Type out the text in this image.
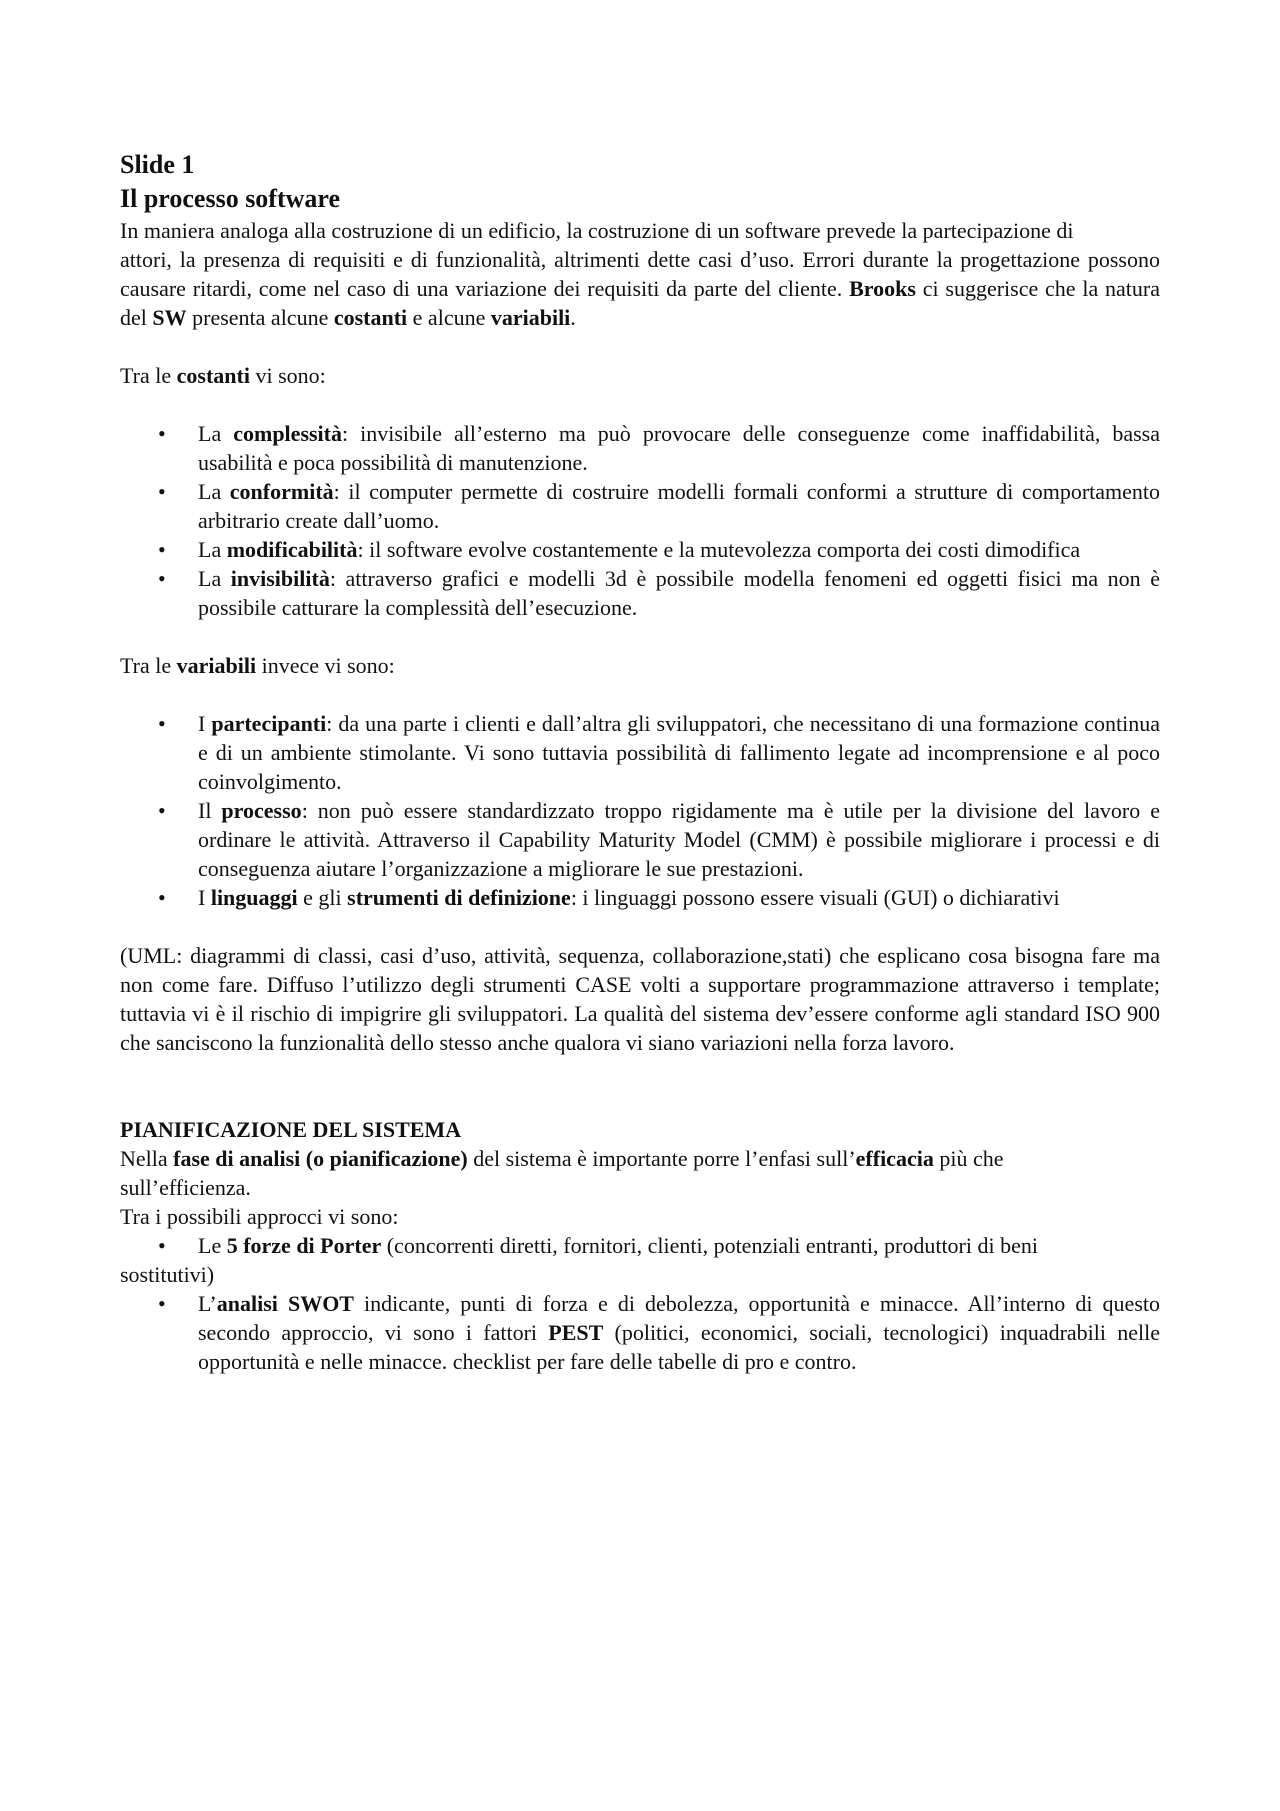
Slide 1
Il processo software

In maniera analoga alla costruzione di un edificio, la costruzione di un software prevede la partecipazione di

attori, la presenza di requisiti e di funzionalità, altrimenti dette casi d’uso. Errori durante la progettazione possono causare ritardi, come nel caso di una variazione dei requisiti da parte del cliente. Brooks ci suggerisce che la natura del SW presenta alcune costanti e alcune variabili.

Tra le costanti vi sono:

• La complessità: invisibile all’esterno ma può provocare delle conseguenze come inaffidabilità, bassa usabilità e poca possibilità di manutenzione.
• La conformità: il computer permette di costruire modelli formali conformi a strutture di comportamento arbitrario create dall’uomo.
• La modificabilità: il software evolve costantemente e la mutevolezza comporta dei costi dimodifica
• La invisibilità: attraverso grafici e modelli 3d è possibile modella fenomeni ed oggetti fisici ma non è possibile catturare la complessità dell’esecuzione.

Tra le variabili invece vi sono:

• I partecipanti: da una parte i clienti e dall’altra gli sviluppatori, che necessitano di una formazione continua e di un ambiente stimolante. Vi sono tuttavia possibilità di fallimento legate ad incomprensione e al poco coinvolgimento.
• Il processo: non può essere standardizzato troppo rigidamente ma è utile per la divisione del lavoro e ordinare le attività. Attraverso il Capability Maturity Model (CMM) è possibile migliorare i processi e di conseguenza aiutare l’organizzazione a migliorare le sue prestazioni.
• I linguaggi e gli strumenti di definizione: i linguaggi possono essere visuali (GUI) o dichiarativi

(UML: diagrammi di classi, casi d’uso, attività, sequenza, collaborazione,stati) che esplicano cosa bisogna fare ma non come fare. Diffuso l’utilizzo degli strumenti CASE volti a supportare programmazione attraverso i template; tuttavia vi è il rischio di impigrire gli sviluppatori. La qualità del sistema dev’essere conforme agli standard ISO 900 che sanciscono la funzionalità dello stesso anche qualora vi siano variazioni nella forza lavoro.

PIANIFICAZIONE DEL SISTEMA

Nella fase di analisi (o pianificazione) del sistema è importante porre l’enfasi sull’efficacia più che

sull’efficienza.

Tra i possibili approcci vi sono:

• Le 5 forze di Porter (concorrenti diretti, fornitori, clienti, potenziali entranti, produttori di beni

sostitutivi)

• L’analisi SWOT indicante, punti di forza e di debolezza, opportunità e minacce. All’interno di questo secondo approccio, vi sono i fattori PEST (politici, economici, sociali, tecnologici) inquadrabili nelle opportunità e nelle minacce. checklist per fare delle tabelle di pro e contro.
